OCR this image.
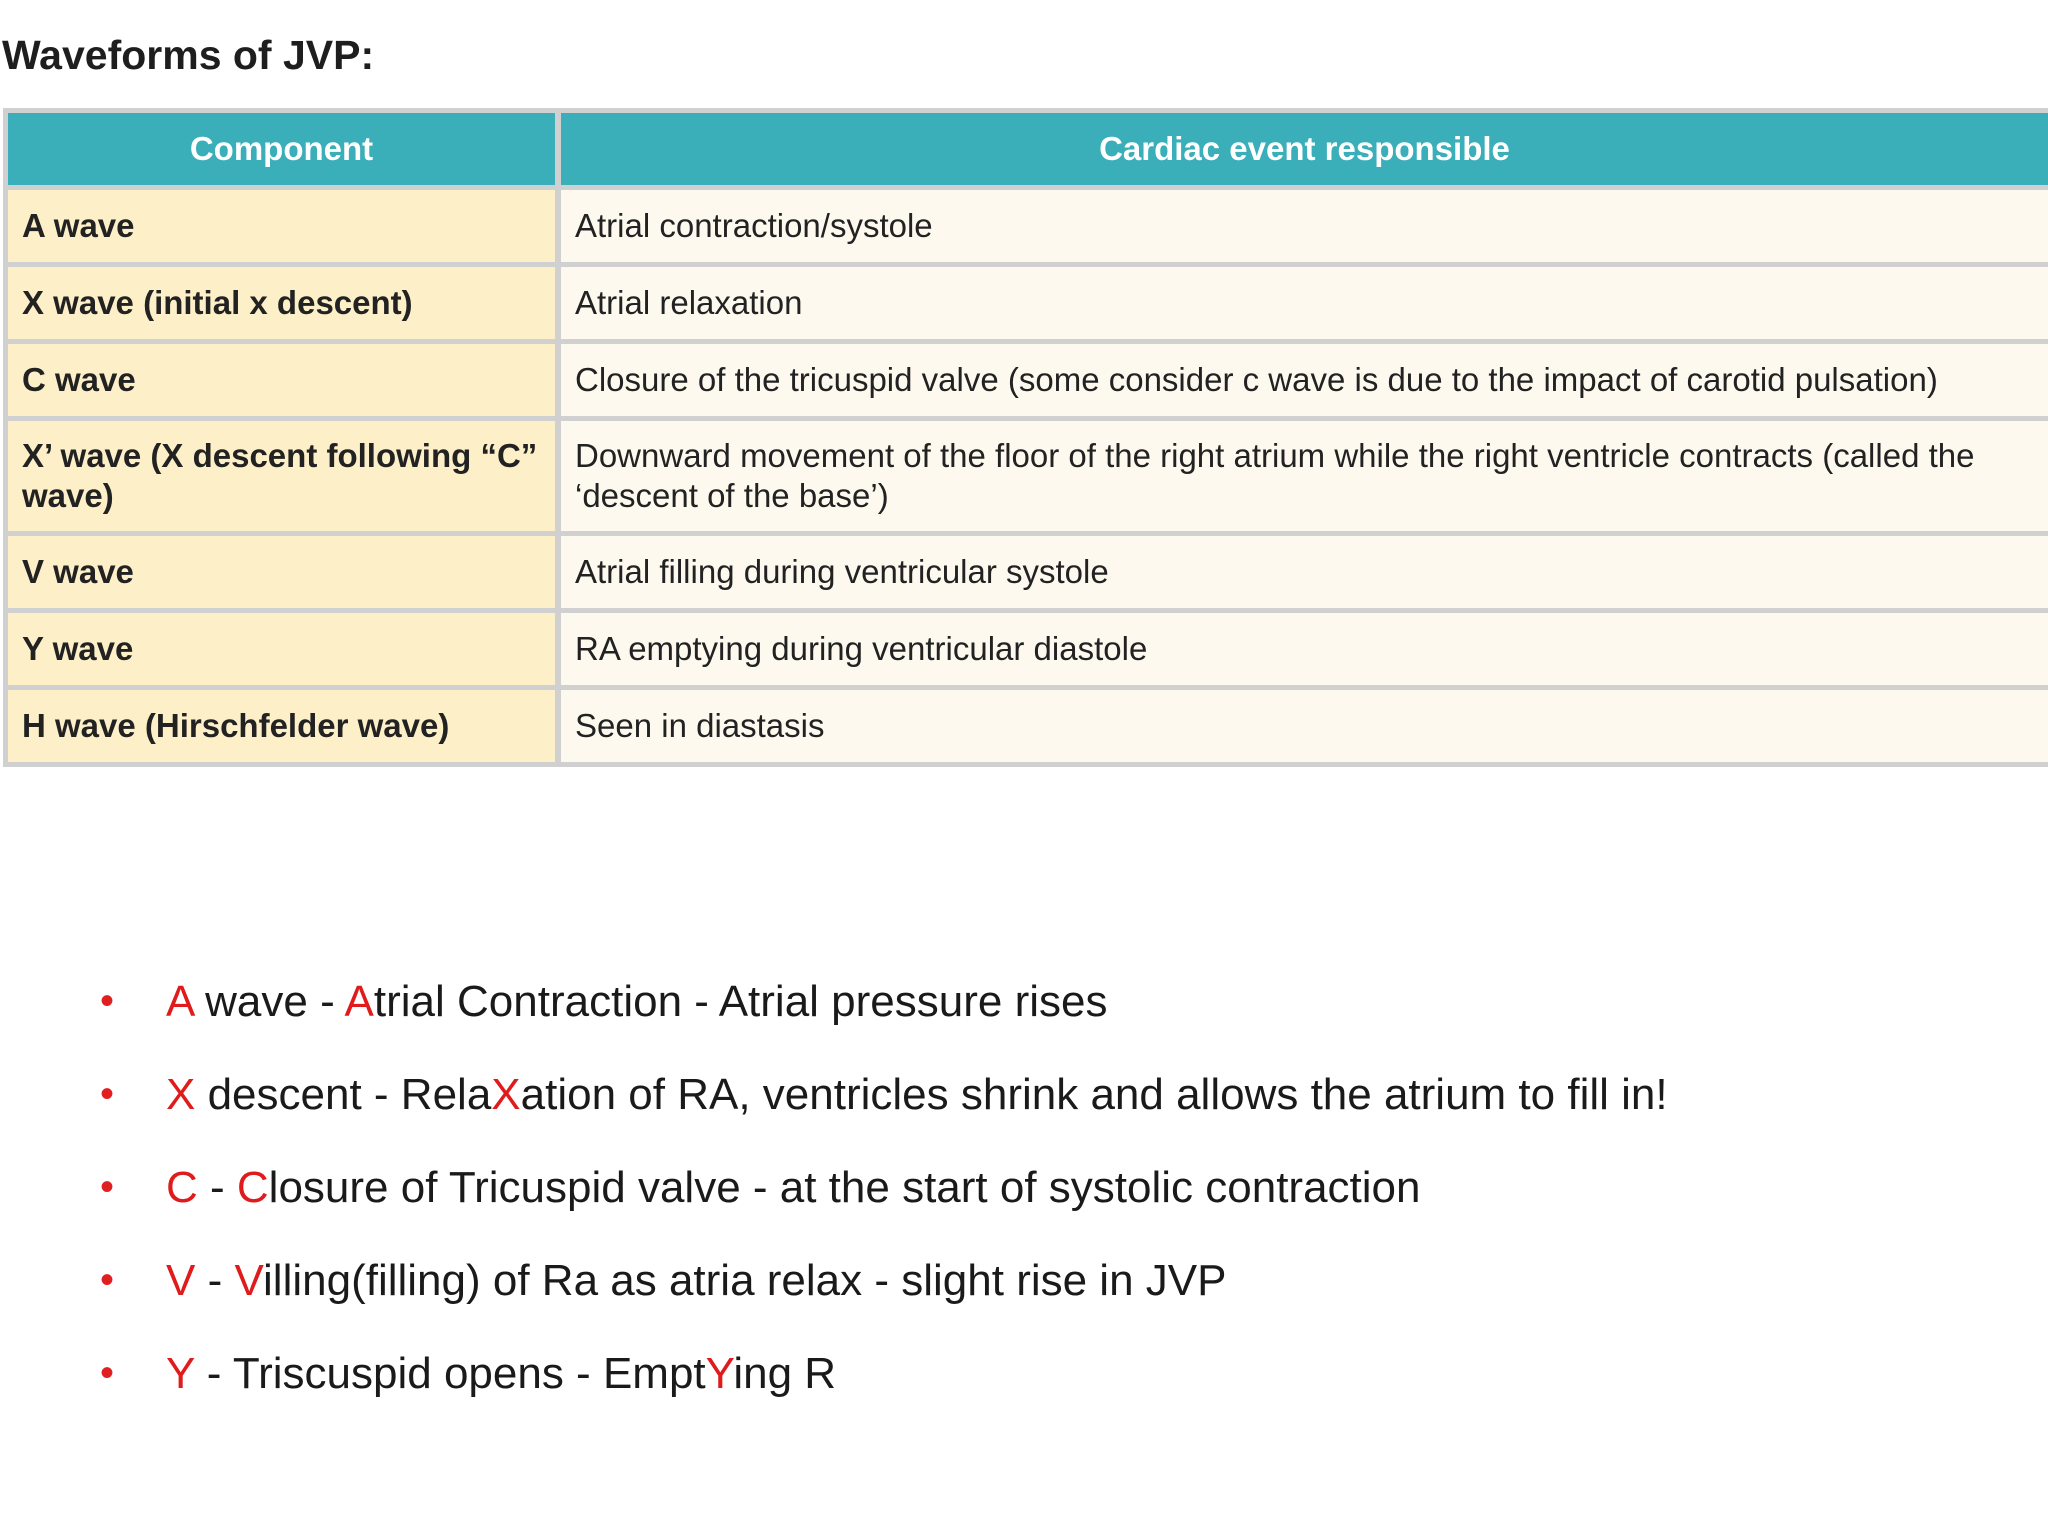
Waveforms of JVP:
Component	Cardiac event responsible
A wave	Atrial contraction/systole
X wave (initial x descent)	Atrial relaxation
C wave	Closure of the tricuspid valve (some consider c wave is due to the impact of carotid pulsation)
X’ wave (X descent following “C” wave)	Downward movement of the floor of the right atrium while the right ventricle contracts (called the ‘descent of the base’)
V wave	Atrial filling during ventricular systole
Y wave	RA emptying during ventricular diastole
H wave (Hirschfelder wave)	Seen in diastasis
• A wave - Atrial Contraction - Atrial pressure rises
• X descent - RelaXation of RA, ventricles shrink and allows the atrium to fill in!
• C - Closure of Tricuspid valve - at the start of systolic contraction
• V - Villing(filling) of Ra as atria relax - slight rise in JVP
• Y - Triscuspid opens - EmptYing R
